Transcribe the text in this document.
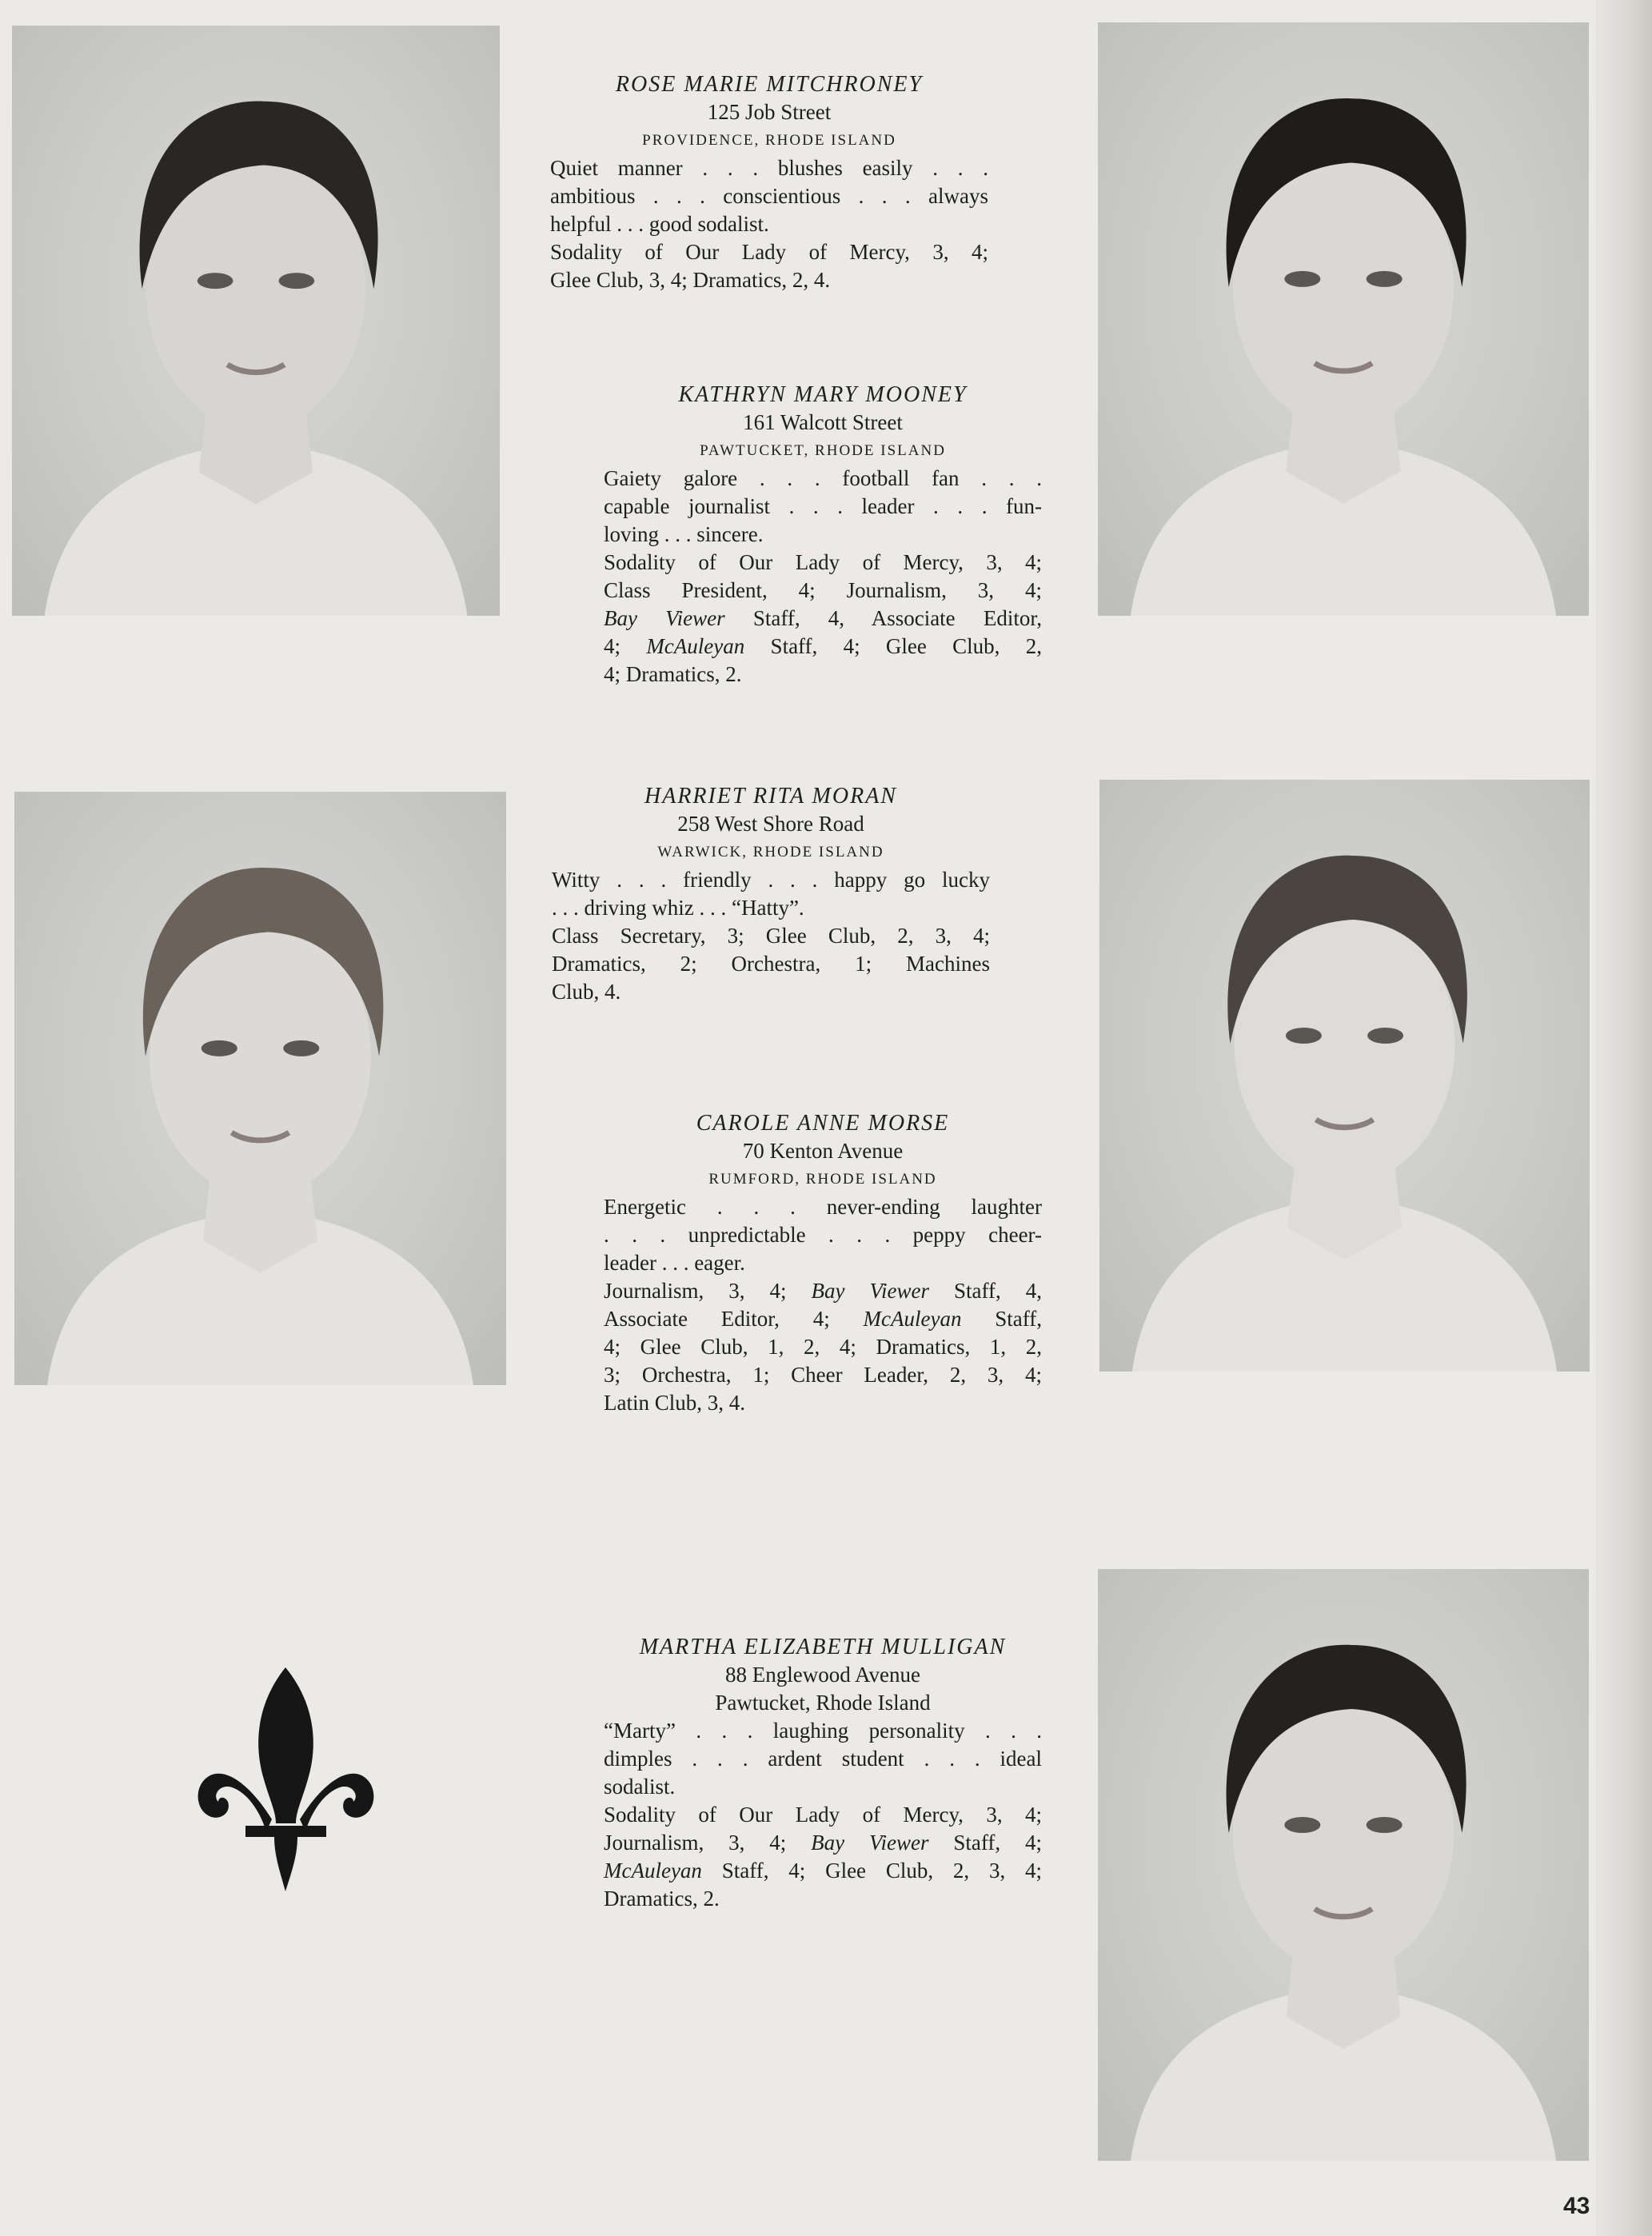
ROSE MARIE MITCHRONEY
125 Job Street
PROVIDENCE, RHODE ISLAND
Quiet manner . . . blushes easily . . .
ambitious . . . conscientious . . . always
helpful . . . good sodalist.
Sodality of Our Lady of Mercy, 3, 4;
Glee Club, 3, 4; Dramatics, 2, 4.
KATHRYN MARY MOONEY
161 Walcott Street
PAWTUCKET, RHODE ISLAND
Gaiety galore . . . football fan . . .
capable journalist . . . leader . . . fun-
loving . . . sincere.
Sodality of Our Lady of Mercy, 3, 4;
Class President, 4; Journalism, 3, 4;
Bay Viewer Staff, 4, Associate Editor,
4; McAuleyan Staff, 4; Glee Club, 2,
4; Dramatics, 2.
HARRIET RITA MORAN
258 West Shore Road
WARWICK, RHODE ISLAND
Witty . . . friendly . . . happy go lucky
. . . driving whiz . . . “Hatty”.
Class Secretary, 3; Glee Club, 2, 3, 4;
Dramatics, 2; Orchestra, 1; Machines
Club, 4.
CAROLE ANNE MORSE
70 Kenton Avenue
RUMFORD, RHODE ISLAND
Energetic . . . never-ending laughter
. . . unpredictable . . . peppy cheer-
leader . . . eager.
Journalism, 3, 4; Bay Viewer Staff, 4,
Associate Editor, 4; McAuleyan Staff,
4; Glee Club, 1, 2, 4; Dramatics, 1, 2,
3; Orchestra, 1; Cheer Leader, 2, 3, 4;
Latin Club, 3, 4.
MARTHA ELIZABETH MULLIGAN
88 Englewood Avenue
Pawtucket, Rhode Island
“Marty” . . . laughing personality . . .
dimples . . . ardent student . . . ideal
sodalist.
Sodality of Our Lady of Mercy, 3, 4;
Journalism, 3, 4; Bay Viewer Staff, 4;
McAuleyan Staff, 4; Glee Club, 2, 3, 4;
Dramatics, 2.
43
